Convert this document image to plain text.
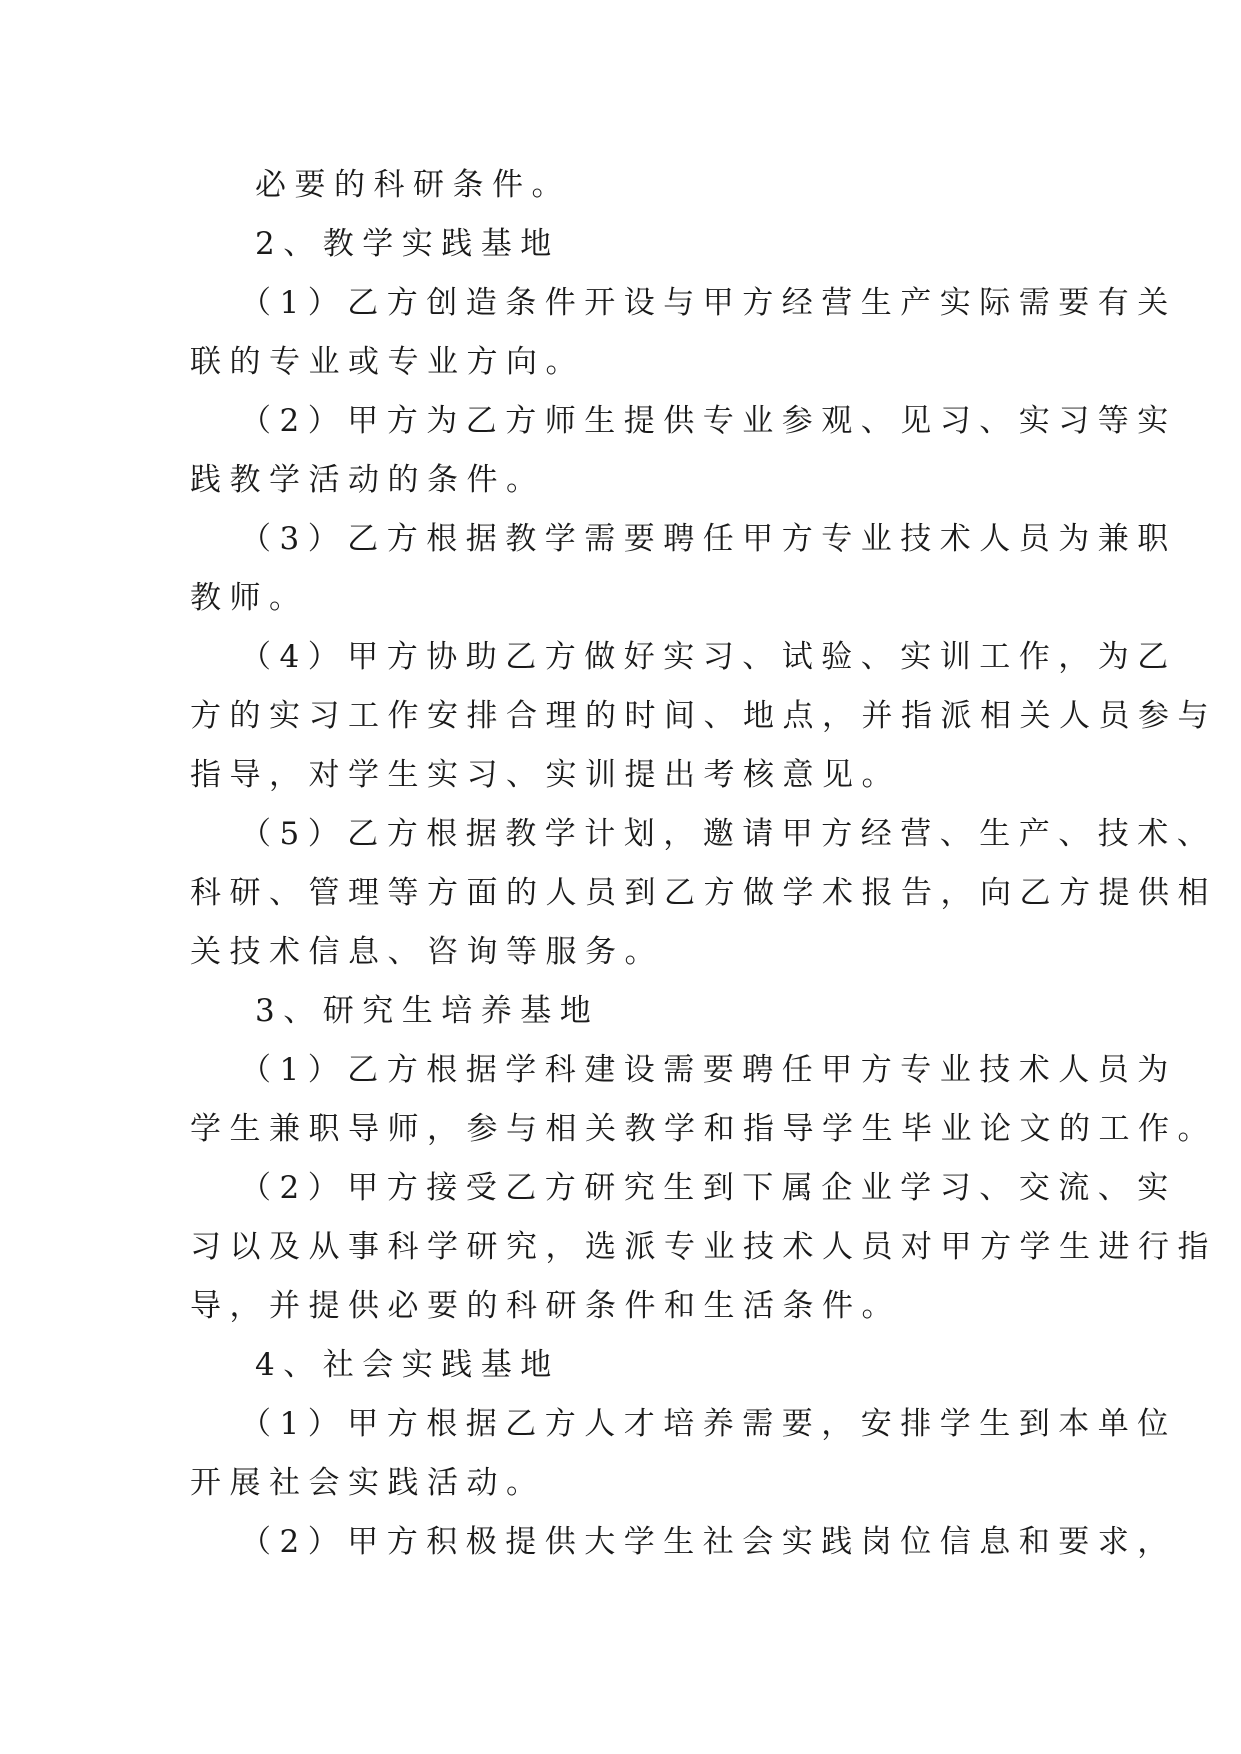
必要的科研条件。
2、教学实践基地
（1）乙方创造条件开设与甲方经营生产实际需要有关
联的专业或专业方向。
（2）甲方为乙方师生提供专业参观、见习、实习等实
践教学活动的条件。
（3）乙方根据教学需要聘任甲方专业技术人员为兼职
教师。
（4）甲方协助乙方做好实习、试验、实训工作，为乙
方的实习工作安排合理的时间、地点，并指派相关人员参与
指导，对学生实习、实训提出考核意见。
（5）乙方根据教学计划，邀请甲方经营、生产、技术、
科研、管理等方面的人员到乙方做学术报告，向乙方提供相
关技术信息、咨询等服务。
3、研究生培养基地
（1）乙方根据学科建设需要聘任甲方专业技术人员为
学生兼职导师，参与相关教学和指导学生毕业论文的工作。
（2）甲方接受乙方研究生到下属企业学习、交流、实
习以及从事科学研究，选派专业技术人员对甲方学生进行指
导，并提供必要的科研条件和生活条件。
4、社会实践基地
（1）甲方根据乙方人才培养需要，安排学生到本单位
开展社会实践活动。
（2）甲方积极提供大学生社会实践岗位信息和要求，
